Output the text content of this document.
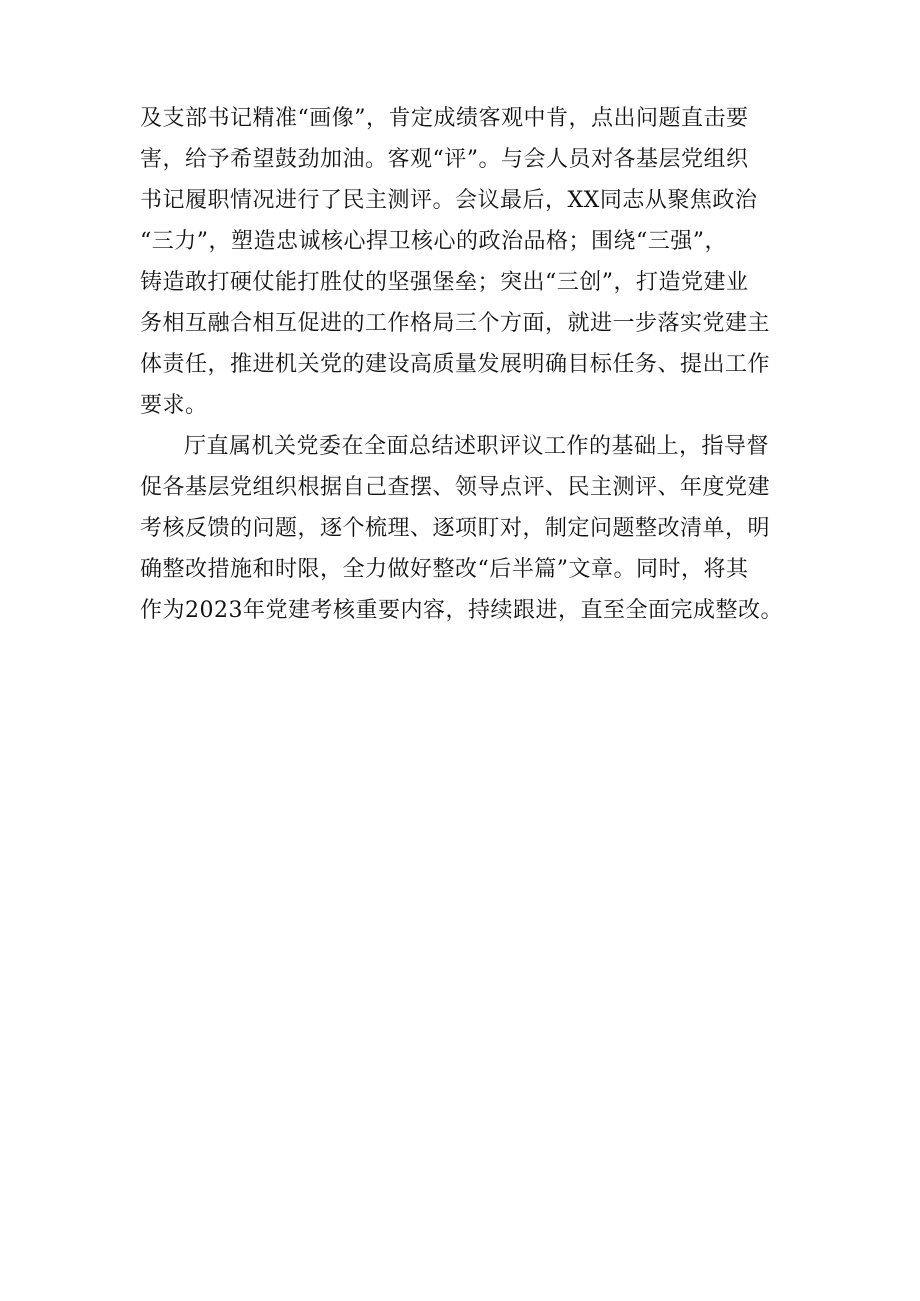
及支部书记精准“画像”，肯定成绩客观中肯，点出问题直击要
害，给予希望鼓劲加油。客观“评”。与会人员对各基层党组织
书记履职情况进行了民主测评。会议最后，XX同志从聚焦政治
“三力”，塑造忠诚核心捍卫核心的政治品格；围绕“三强”，
铸造敢打硬仗能打胜仗的坚强堡垒；突出“三创”，打造党建业
务相互融合相互促进的工作格局三个方面，就进一步落实党建主
体责任，推进机关党的建设高质量发展明确目标任务、提出工作
要求。
厅直属机关党委在全面总结述职评议工作的基础上，指导督
促各基层党组织根据自己查摆、领导点评、民主测评、年度党建
考核反馈的问题，逐个梳理、逐项盯对，制定问题整改清单，明
确整改措施和时限，全力做好整改“后半篇”文章。同时，将其
作为2023年党建考核重要内容，持续跟进，直至全面完成整改。
